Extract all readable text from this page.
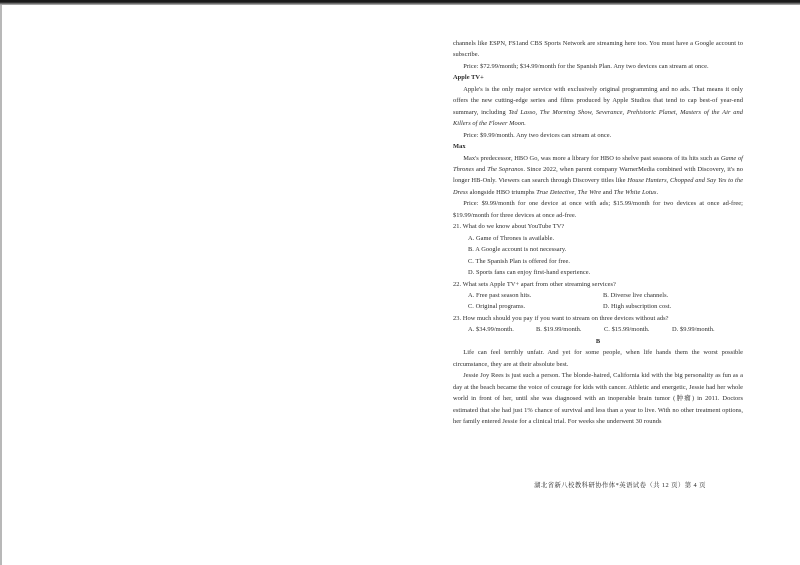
channels like ESPN, FS1and CBS Sports Network are streaming here too. You must have a Google account to subscribe.

Price: $72.99/month; $34.99/month for the Spanish Plan. Any two devices can stream at once.

Apple TV+

Apple's is the only major service with exclusively original programming and no ads. That means it only offers the new cutting-edge series and films produced by Apple Studios that tend to cap best-of year-end summary, including Ted Lasso, The Morning Show, Severance, Prehistoric Planet, Masters of the Air and Killers of the Flower Moon.

Price: $9.99/month. Any two devices can stream at once.

Max

Max's predecessor, HBO Go, was more a library for HBO to shelve past seasons of its hits such as Game of Thrones and The Sopranos. Since 2022, when parent company WarnerMedia combined with Discovery, it's no longer HB-Only. Viewers can search through Discovery titles like House Hunters, Chopped and Say Yes to the Dress alongside HBO triumphs True Detective, The Wire and The White Lotus.

Price: $9.99/month for one device at once with ads; $15.99/month for two devices at once ad-free; $19.99/month for three devices at once ad-free.

21. What do we know about YouTube TV?

A. Game of Thrones is available.

B. A Google account is not necessary.

C. The Spanish Plan is offered for free.

D. Sports fans can enjoy first-hand experience.

22. What sets Apple TV+ apart from other streaming services?

A. Free past season hits.	B. Diverse live channels.
C. Original programs.	D. High subscription cost.

23. How much should you pay if you want to stream on three devices without ads?

A. $34.99/month.	B. $19.99/month.	C. $15.99/month.	D. $9.99/month.

B

Life can feel terribly unfair. And yet for some people, when life hands them the worst possible circumstance, they are at their absolute best.

Jessie Joy Rees is just such a person. The blonde-haired, California kid with the big personality as fun as a day at the beach became the voice of courage for kids with cancer. Athletic and energetic, Jessie had her whole world in front of her, until she was diagnosed with an inoperable brain tumor (肿瘤) in 2011. Doctors estimated that she had just 1% chance of survival and less than a year to live. With no other treatment options, her family entered Jessie for a clinical trial. For weeks she underwent 30 rounds

湖北省新八校教科研协作体*英语试卷（共 12 页）第 4 页
